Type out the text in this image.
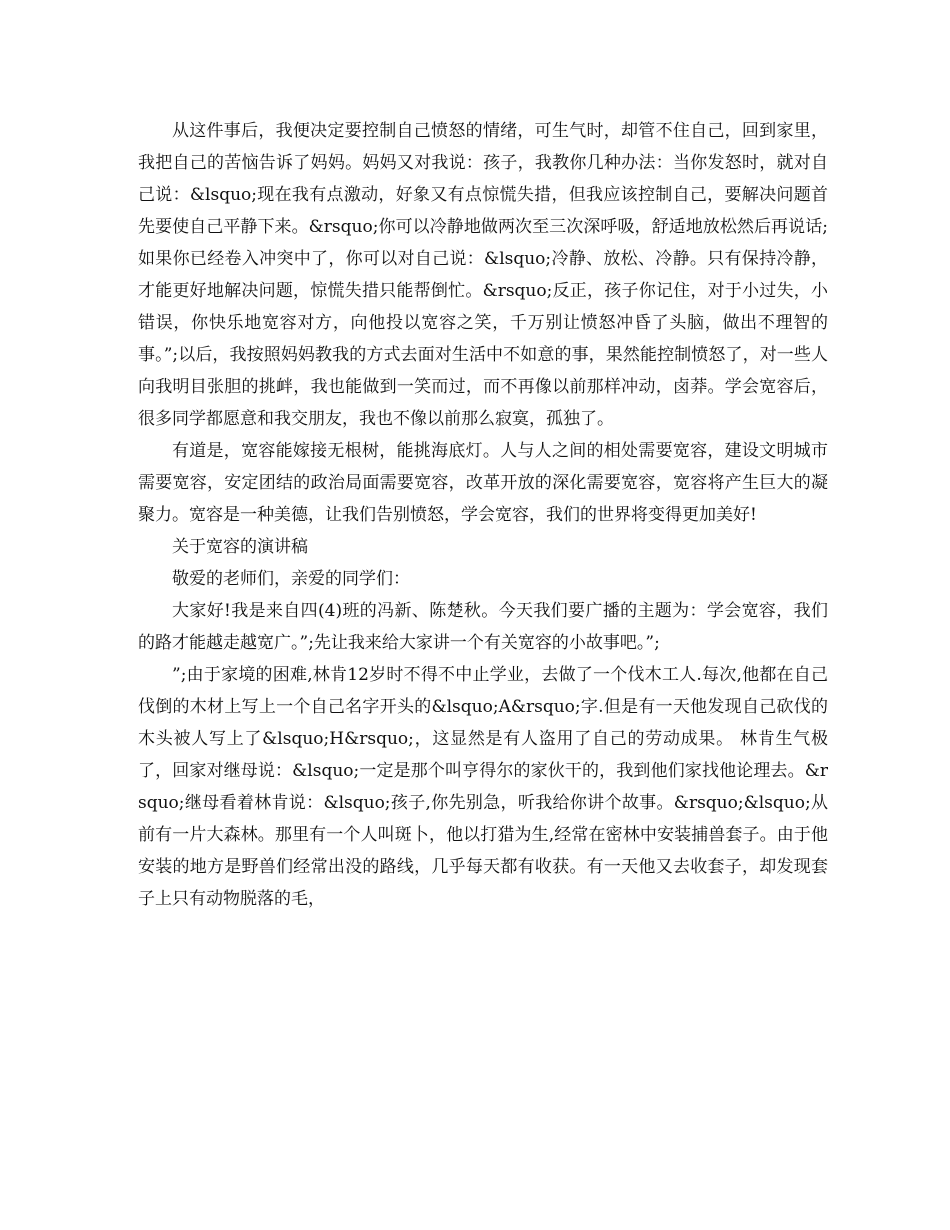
从这件事后，我便决定要控制自己愤怒的情绪，可生气时，却管不住自己，回到家里，我把自己的苦恼告诉了妈妈。妈妈又对我说：孩子，我教你几种办法：当你发怒时，就对自己说：&lsquo;现在我有点激动，好象又有点惊慌失措，但我应该控制自己，要解决问题首先要使自己平静下来。&rsquo;你可以冷静地做两次至三次深呼吸，舒适地放松然后再说话;如果你已经卷入冲突中了，你可以对自己说：&lsquo;冷静、放松、冷静。只有保持冷静，才能更好地解决问题，惊慌失措只能帮倒忙。&rsquo;反正，孩子你记住，对于小过失，小错误，你快乐地宽容对方，向他投以宽容之笑，千万别让愤怒冲昏了头脑，做出不理智的事。”;以后，我按照妈妈教我的方式去面对生活中不如意的事，果然能控制愤怒了，对一些人向我明目张胆的挑衅，我也能做到一笑而过，而不再像以前那样冲动，卤莽。学会宽容后，很多同学都愿意和我交朋友，我也不像以前那么寂寞，孤独了。

有道是，宽容能嫁接无根树，能挑海底灯。人与人之间的相处需要宽容，建设文明城市需要宽容，安定团结的政治局面需要宽容，改革开放的深化需要宽容，宽容将产生巨大的凝聚力。宽容是一种美德，让我们告别愤怒，学会宽容，我们的世界将变得更加美好!

关于宽容的演讲稿

敬爱的老师们，亲爱的同学们：

大家好!我是来自四(4)班的冯新、陈楚秋。今天我们要广播的主题为：学会宽容，我们的路才能越走越宽广。”;先让我来给大家讲一个有关宽容的小故事吧。”;

”;由于家境的困难,林肯12岁时不得不中止学业，去做了一个伐木工人.每次,他都在自己伐倒的木材上写上一个自己名字开头的&lsquo;A&rsquo;字.但是有一天他发现自己砍伐的木头被人写上了&lsquo;H&rsquo;，这显然是有人盗用了自己的劳动成果。 林肯生气极了，回家对继母说：&lsquo;一定是那个叫亨得尔的家伙干的，我到他们家找他论理去。&rsquo;继母看着林肯说：&lsquo;孩子,你先别急，听我给你讲个故事。&rsquo;&lsquo;从前有一片大森林。那里有一个人叫斑卜，他以打猎为生,经常在密林中安装捕兽套子。由于他安装的地方是野兽们经常出没的路线，几乎每天都有收获。有一天他又去收套子，却发现套子上只有动物脱落的毛，
